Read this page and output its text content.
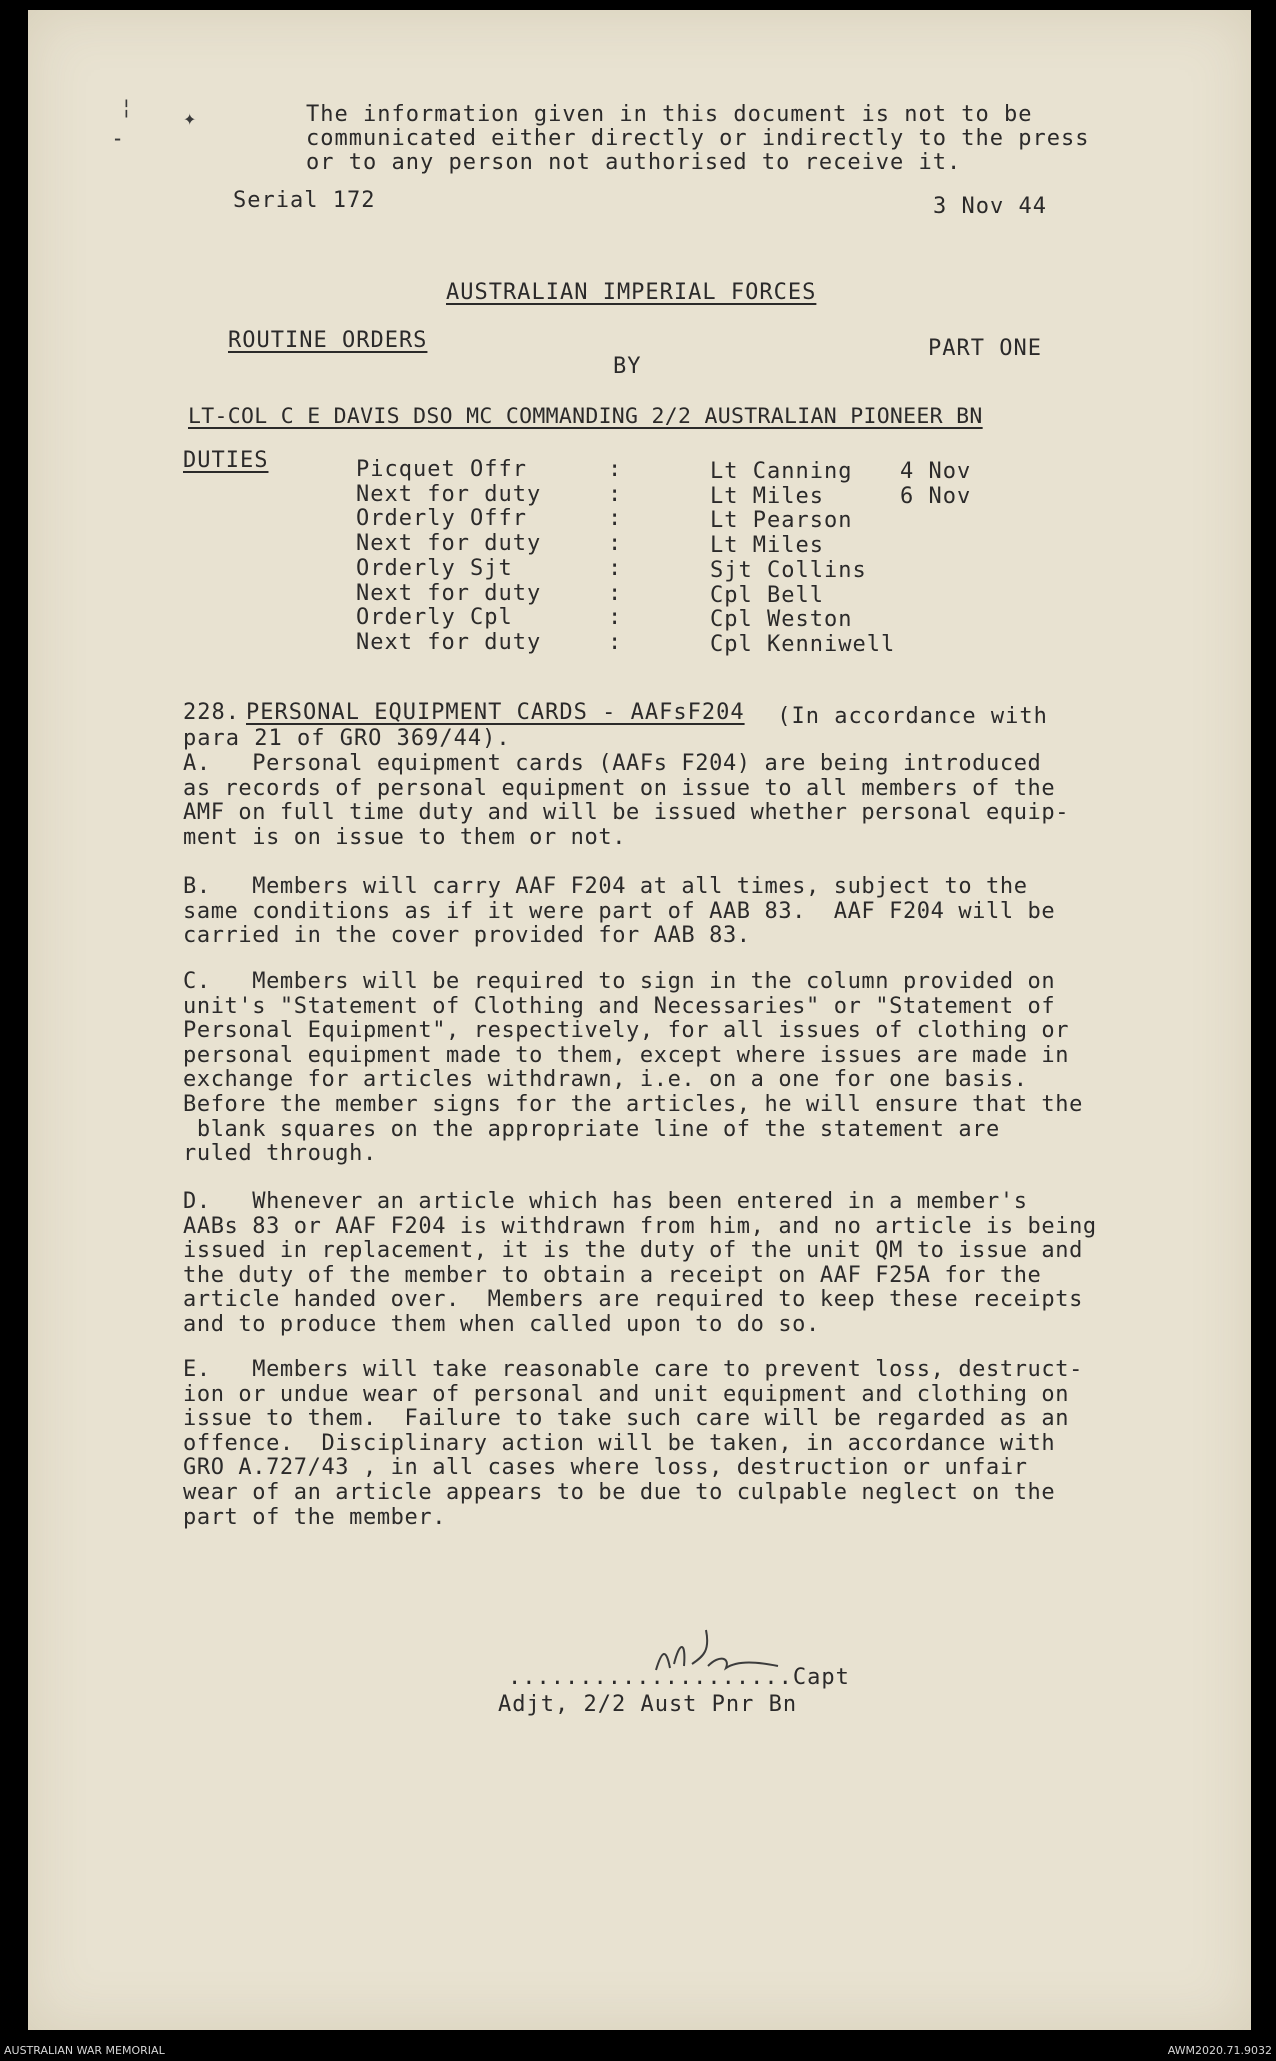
¦
✦
⁃
The information given in this document is not to be
communicated either directly or indirectly to the press
or to any person not authorised to receive it.
Serial 172	3 Nov 44
AUSTRALIAN IMPERIAL FORCES
ROUTINE ORDERS	PART ONE
BY
LT-COL C E DAVIS DSO MC COMMANDING 2/2 AUSTRALIAN PIONEER BN
DUTIES	Picquet Offr	:	Lt Canning 4 Nov
Next for duty	:	Lt Miles	6 Nov
Orderly Offr	:	Lt Pearson
Next for duty	:	Lt Miles
Orderly Sjt	:	Sjt Collins
Next for duty	:	Cpl Bell
Orderly Cpl	:	Cpl Weston
Next for duty	:	Cpl Kenniwell
228. PERSONAL EQUIPMENT CARDS - AAFsF204 (In accordance with
para 21 of GRO 369/44).
A.   Personal equipment cards (AAFs F204) are being introduced
as records of personal equipment on issue to all members of the
AMF on full time duty and will be issued whether personal equip-
ment is on issue to them or not.
B.   Members will carry AAF F204 at all times, subject to the
same conditions as if it were part of AAB 83.  AAF F204 will be
carried in the cover provided for AAB 83.
C.   Members will be required to sign in the column provided on
unit's "Statement of Clothing and Necessaries" or "Statement of
Personal Equipment", respectively, for all issues of clothing or
personal equipment made to them, except where issues are made in
exchange for articles withdrawn, i.e. on a one for one basis.
Before the member signs for the articles, he will ensure that the
blank squares on the appropriate line of the statement are
ruled through.
D.   Whenever an article which has been entered in a member's
AABs 83 or AAF F204 is withdrawn from him, and no article is being
issued in replacement, it is the duty of the unit QM to issue and
the duty of the member to obtain a receipt on AAF F25A for the
article handed over.  Members are required to keep these receipts
and to produce them when called upon to do so.
E.   Members will take reasonable care to prevent loss, destruct-
ion or undue wear of personal and unit equipment and clothing on
issue to them.  Failure to take such care will be regarded as an
offence.  Disciplinary action will be taken, in accordance with
GRO A.727/43 , in all cases where loss, destruction or unfair
wear of an article appears to be due to culpable neglect on the
part of the member.
....................Capt
Adjt, 2/2 Aust Pnr Bn
AUSTRALIAN WAR MEMORIAL	AWM2020.71.9032
